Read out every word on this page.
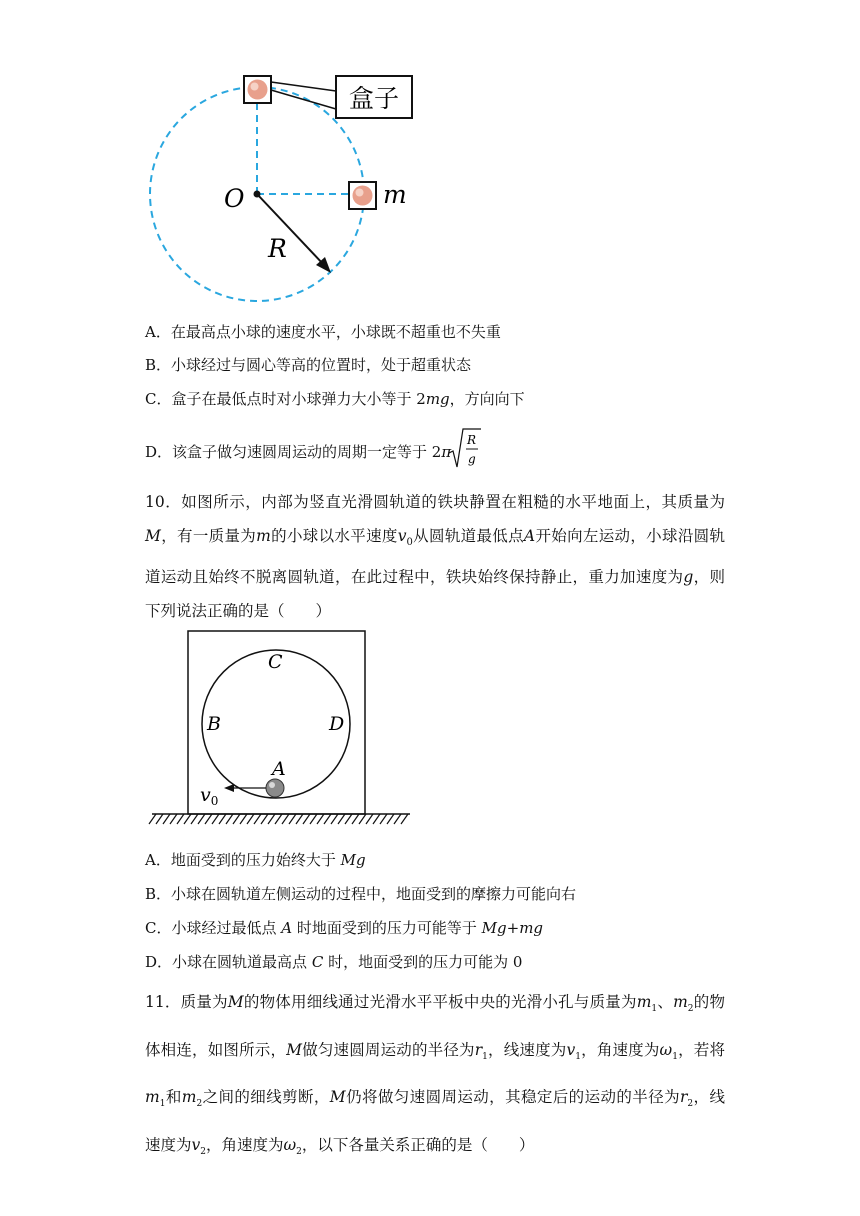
盒子
O
R
m
A．在最高点小球的速度水平，小球既不超重也不失重
B．小球经过与圆心等高的位置时，处于超重状态
C．盒子在最低点时对小球弹力大小等于 2mg，方向向下
D．该盒子做匀速圆周运动的周期一定等于 2π
R
g
10．如图所示，内部为竖直光滑圆轨道的铁块静置在粗糙的水平地面上，其质量为M，有一质量为m的小球以水平速度$v_0$从圆轨道最低点A开始向左运动，小球沿圆轨道运动且始终不脱离圆轨道，在此过程中，铁块始终保持静止，重力加速度为g，则下列说法正确的是（　　）
C
B	D
A
$v_0$
A．地面受到的压力始终大于 Mg
B．小球在圆轨道左侧运动的过程中，地面受到的摩擦力可能向右
C．小球经过最低点 A 时地面受到的压力可能等于 Mg+mg
D．小球在圆轨道最高点 C 时，地面受到的压力可能为 0
11．质量为M的物体用细线通过光滑水平平板中央的光滑小孔与质量为$m_1$、$m_2$的物体相连，如图所示，M做匀速圆周运动的半径为$r_1$，线速度为$v_1$，角速度为$\omega_1$，若将$m_1$和$m_2$之间的细线剪断，M仍将做匀速圆周运动，其稳定后的运动的半径为$r_2$，线速度为$v_2$，角速度为$\omega_2$，以下各量关系正确的是（　　）
